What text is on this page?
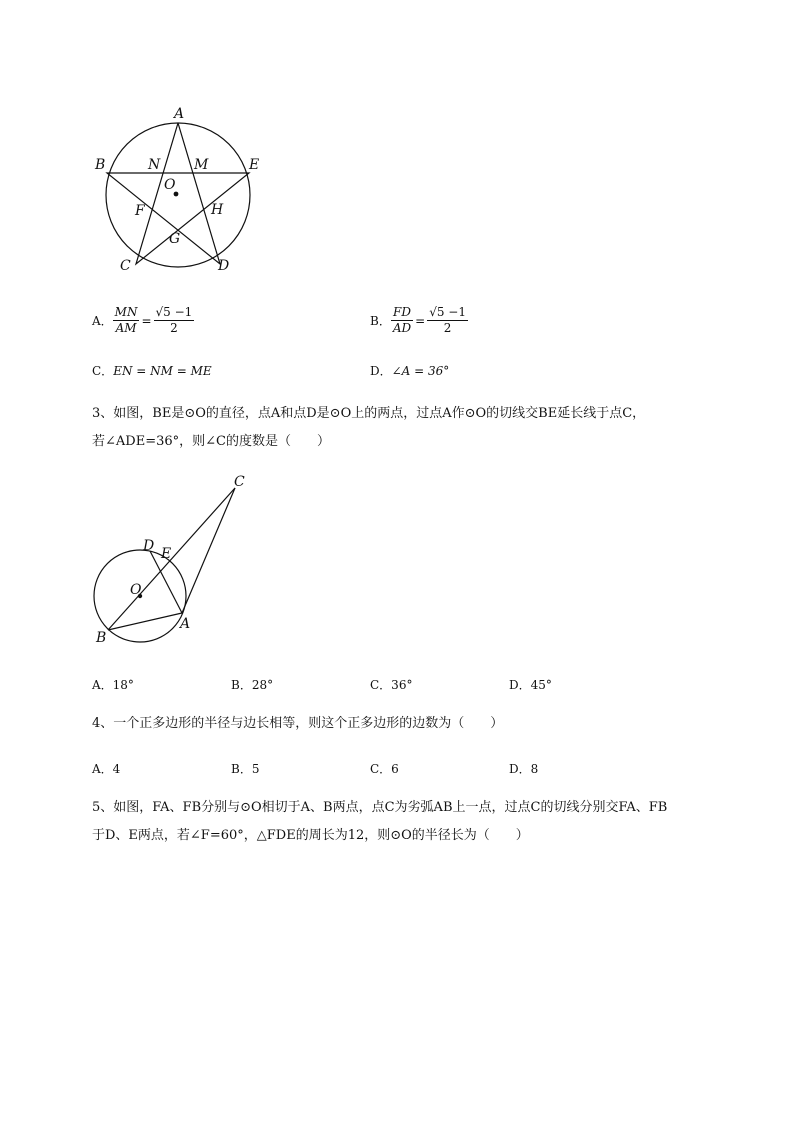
A
B	E
N M
O
F	H
G
C	D
A． $\frac{MN}{AM} = \frac{√5 -1}{2}$	B． $\frac{FD}{AD} = \frac{√5 -1}{2}$
C． EN = NM = ME	D． ∠A = 36°
3、如图，BE是⊙O的直径，点A和点D是⊙O上的两点，过点A作⊙O的切线交BE延长线于点C，
若∠ADE=36°，则∠C的度数是（　　）
C
D E
O
B
A
A．18°	B．28°	C．36°	D．45°
4、一个正多边形的半径与边长相等，则这个正多边形的边数为（　　）
A．4	B．5	C．6	D．8
5、如图，FA、FB分别与⊙O相切于A、B两点，点C为劣弧AB上一点，过点C的切线分别交FA、FB
于D、E两点，若∠F=60°，△FDE的周长为12，则⊙O的半径长为（　　）
